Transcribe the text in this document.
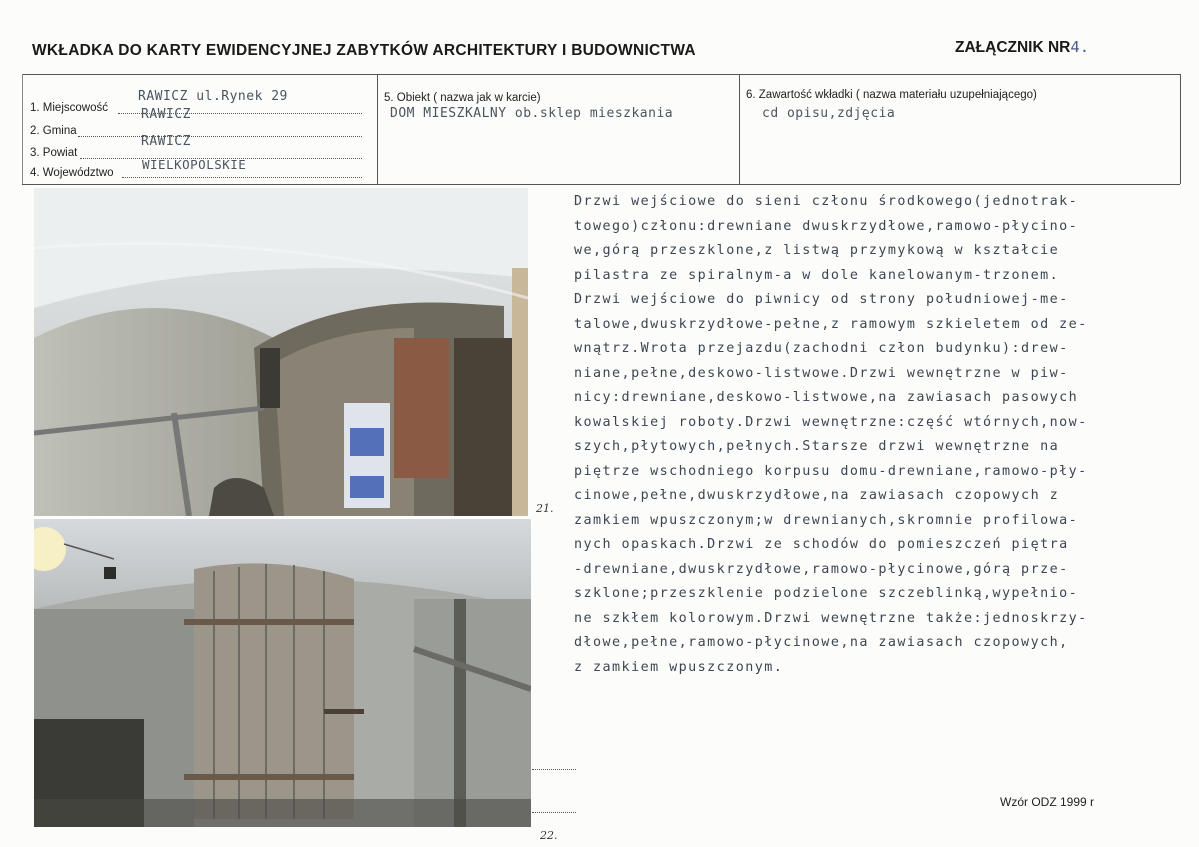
WKŁADKA DO KARTY EWIDENCYJNEJ ZABYTKÓW ARCHITEKTURY I BUDOWNICTWA	ZAŁĄCZNIK NR4.
1. Miejscowość
RAWICZ ul.Rynek 29
2. Gmina
RAWICZ
3. Powiat
RAWICZ
4. Województwo
WIELKOPOLSKIE
5. Obiekt ( nazwa jak w karcie)
DOM MIESZKALNY ob.sklep mieszkania
6. Zawartość wkładki ( nazwa materiału uzupełniającego)
cd opisu,zdjęcia
21.
22.
Drzwi wejściowe do sieni członu środkowego(jednotrak-
towego)członu:drewniane dwuskrzydłowe,ramowo-płycino-
we,górą przeszklone,z listwą przymykową w kształcie
pilastra ze spiralnym-a w dole kanelowanym-trzonem.
Drzwi wejściowe do piwnicy od strony południowej-me-
talowe,dwuskrzydłowe-pełne,z ramowym szkieletem od ze-
wnątrz.Wrota przejazdu(zachodni człon budynku):drew-
niane,pełne,deskowo-listwowe.Drzwi wewnętrzne w piw-
nicy:drewniane,deskowo-listwowe,na zawiasach pasowych
kowalskiej roboty.Drzwi wewnętrzne:część wtórnych,now-
szych,płytowych,pełnych.Starsze drzwi wewnętrzne na
piętrze wschodniego korpusu domu-drewniane,ramowo-pły-
cinowe,pełne,dwuskrzydłowe,na zawiasach czopowych z
zamkiem wpuszczonym;w drewnianych,skromnie profilowa-
nych opaskach.Drzwi ze schodów do pomieszczeń piętra
-drewniane,dwuskrzydłowe,ramowo-płycinowe,górą prze-
szklone;przeszklenie podzielone szczeblinką,wypełnio-
ne szkłem kolorowym.Drzwi wewnętrzne także:jednoskrzy-
dłowe,pełne,ramowo-płycinowe,na zawiasach czopowych,
z zamkiem wpuszczonym.
Wzór ODZ 1999 r
